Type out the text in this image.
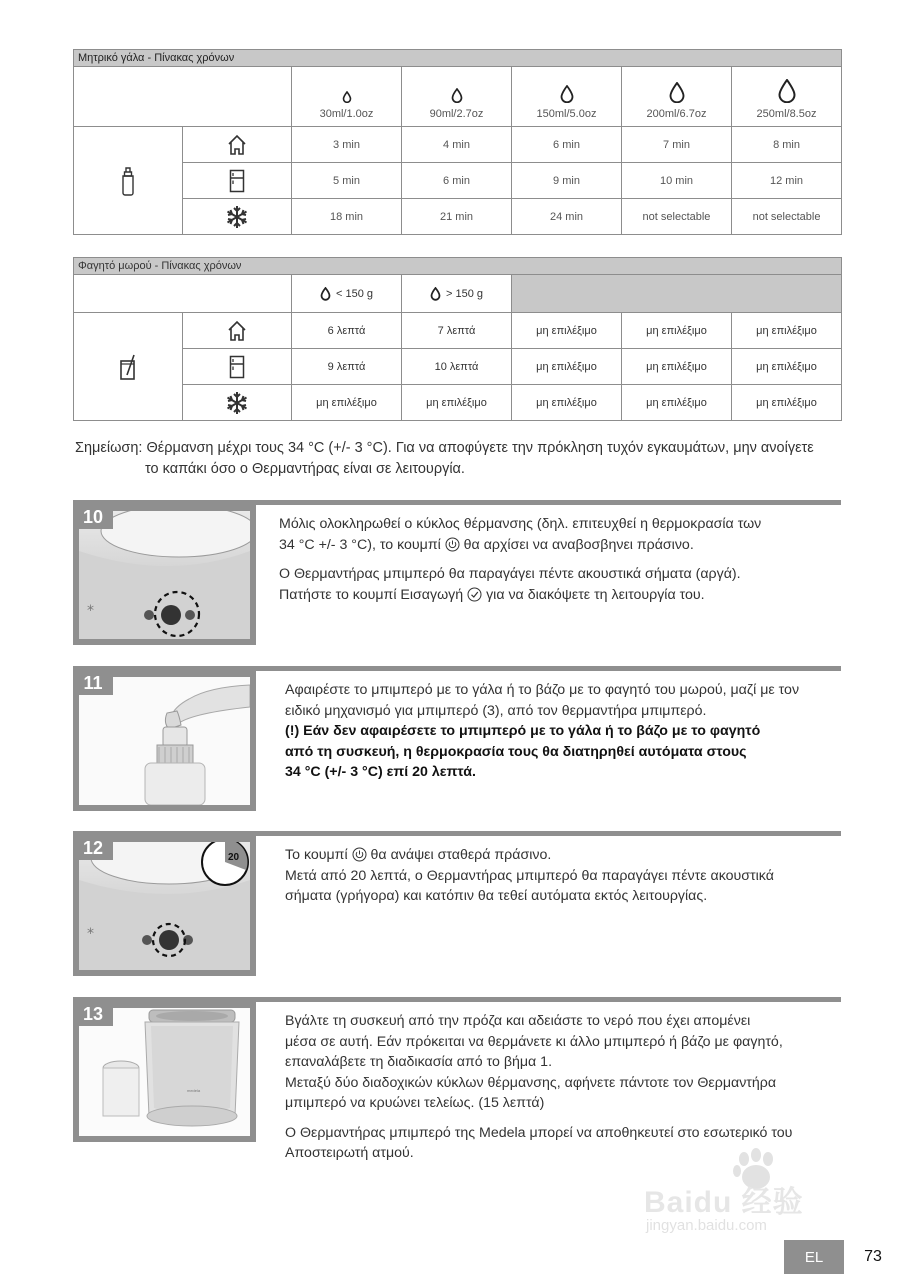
Μητρικό γάλα - Πίνακας χρόνων						

		30ml/1.0oz	90ml/2.7oz	150ml/5.0oz	200ml/6.7oz	250ml/8.5oz

	3 min	4 min	6 min	7 min	8 min

	5 min	6 min	9 min	10 min	12 min

	18 min	21 min	24 min	not selectable	not selectable
Φαγητό μωρού - Πίνακας χρόνων						

		< 150 g	> 150 g			

	6 λεπτά	7 λεπτά	μη επιλέξιμο	μη επιλέξιμο	μη επιλέξιμο

	9 λεπτά	10 λεπτά	μη επιλέξιμο	μη επιλέξιμο	μη επιλέξιμο

	μη επιλέξιμο	μη επιλέξιμο	μη επιλέξιμο	μη επιλέξιμο	μη επιλέξιμο
Σημείωση: Θέρμανση μέχρι τους 34 °C (+/- 3 °C). Για να αποφύγετε την πρόκληση τυχόν εγκαυμάτων, μην ανοίγετε
το καπάκι όσο ο Θερμαντήρας είναι σε λειτουργία.
10
*

Μόλις ολοκληρωθεί ο κύκλος θέρμανσης (δηλ. επιτευχθεί η θερμοκρασία των
34 °C +/- 3 °C), το κουμπί θα αρχίσει να αναβοσβηνει πράσινο.

Ο Θερμαντήρας μπιμπερό θα παραγάγει πέντε ακουστικά σήματα (αργά).
Πατήστε το κουμπί Εισαγωγή για να διακόψετε τη λειτουργία του.

11	Αφαιρέστε το μπιμπερό με το γάλα ή το βάζο με το φαγητό του μωρού, μαζί με τον
ειδικό μηχανισμό για μπιμπερό (3), από τον θερμαντήρα μπιμπερό.
(!) Εάν δεν αφαιρέσετε το μπιμπερό με το γάλα ή το βάζο με το φαγητό
από τη συσκευή, η θερμοκρασία τους θα διατηρηθεί αυτόματα στους
34 °C (+/- 3 °C) επί 20 λεπτά.
12
*
20	Το κουμπί θα ανάψει σταθερά πράσινο.
Μετά από 20 λεπτά, ο Θερμαντήρας μπιμπερό θα παραγάγει πέντε ακουστικά
σήματα (γρήγορα) και κατόπιν θα τεθεί αυτόματα εκτός λειτουργίας.
13
medela

Βγάλτε τη συσκευή από την πρόζα και αδειάστε το νερό που έχει απομένει
μέσα σε αυτή. Εάν πρόκειται να θερμάνετε κι άλλο μπιμπερό ή βάζο με φαγητό,
επαναλάβετε τη διαδικασία από το βήμα 1.
Μεταξύ δύο διαδοχικών κύκλων θέρμανσης, αφήνετε πάντοτε τον Θερμαντήρα
μπιμπερό να κρυώνει τελείως. (15 λεπτά)

Ο Θερμαντήρας μπιμπερό της Medela μπορεί να αποθηκευτεί στο εσωτερικό του
Αποστειρωτή ατμού.

Baidu 经验
jingyan.baidu.com
EL	73
